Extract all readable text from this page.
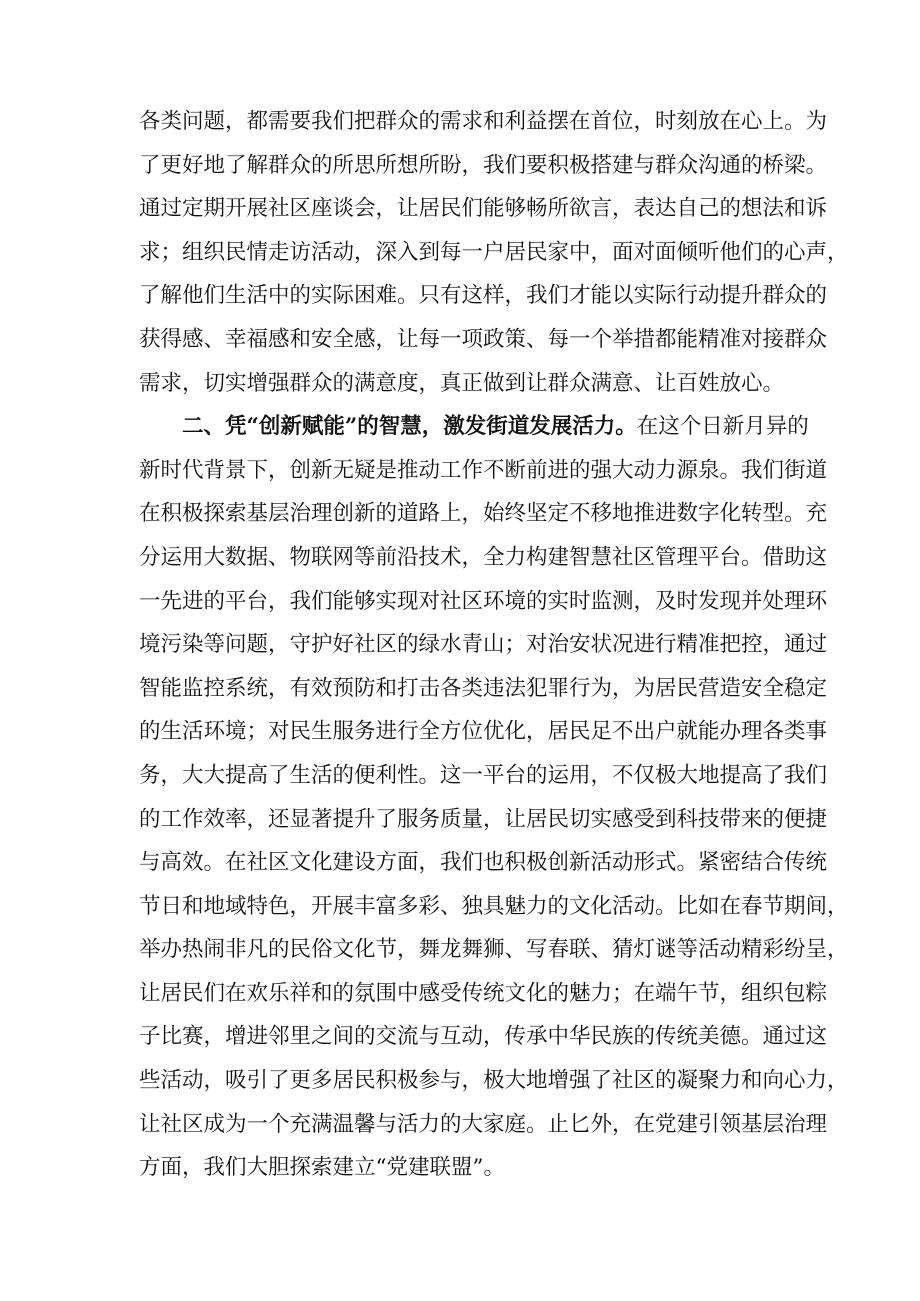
各类问题，都需要我们把群众的需求和利益摆在首位，时刻放在心上。为
了更好地了解群众的所思所想所盼，我们要积极搭建与群众沟通的桥梁。
通过定期开展社区座谈会，让居民们能够畅所欲言，表达自己的想法和诉
求；组织民情走访活动，深入到每一户居民家中，面对面倾听他们的心声，
了解他们生活中的实际困难。只有这样，我们才能以实际行动提升群众的
获得感、幸福感和安全感，让每一项政策、每一个举措都能精准对接群众
需求，切实增强群众的满意度，真正做到让群众满意、让百姓放心。
二、凭“创新赋能”的智慧，激发街道发展活力。在这个日新月异的
新时代背景下，创新无疑是推动工作不断前进的强大动力源泉。我们街道
在积极探索基层治理创新的道路上，始终坚定不移地推进数字化转型。充
分运用大数据、物联网等前沿技术，全力构建智慧社区管理平台。借助这
一先进的平台，我们能够实现对社区环境的实时监测，及时发现并处理环
境污染等问题，守护好社区的绿水青山；对治安状况进行精准把控，通过
智能监控系统，有效预防和打击各类违法犯罪行为，为居民营造安全稳定
的生活环境；对民生服务进行全方位优化，居民足不出户就能办理各类事
务，大大提高了生活的便利性。这一平台的运用，不仅极大地提高了我们
的工作效率，还显著提升了服务质量，让居民切实感受到科技带来的便捷
与高效。在社区文化建设方面，我们也积极创新活动形式。紧密结合传统
节日和地域特色，开展丰富多彩、独具魅力的文化活动。比如在春节期间，
举办热闹非凡的民俗文化节，舞龙舞狮、写春联、猜灯谜等活动精彩纷呈，
让居民们在欢乐祥和的氛围中感受传统文化的魅力；在端午节，组织包粽
子比赛，增进邻里之间的交流与互动，传承中华民族的传统美德。通过这
些活动，吸引了更多居民积极参与，极大地增强了社区的凝聚力和向心力，
让社区成为一个充满温馨与活力的大家庭。止匕外，在党建引领基层治理
方面，我们大胆探索建立“党建联盟”。
